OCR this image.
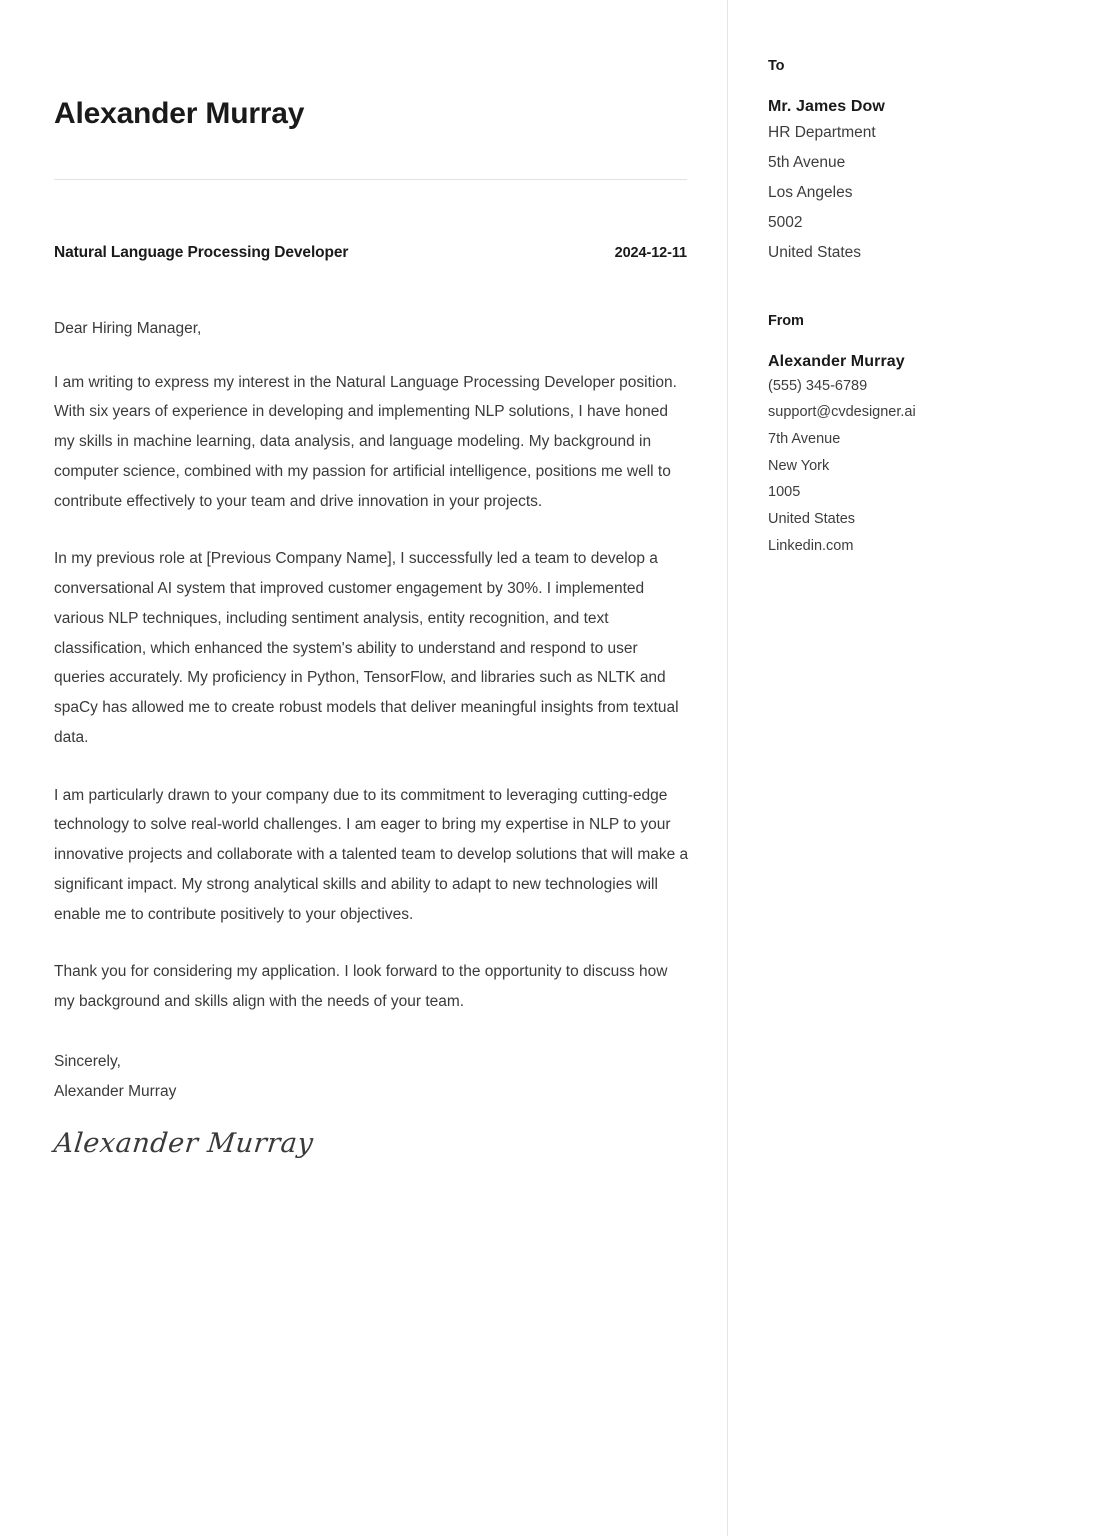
Alexander Murray
Natural Language Processing Developer	2024-12-11
Dear Hiring Manager,

I am writing to express my interest in the Natural Language Processing Developer position. With six years of experience in developing and implementing NLP solutions, I have honed my skills in machine learning, data analysis, and language modeling. My background in computer science, combined with my passion for artificial intelligence, positions me well to contribute effectively to your team and drive innovation in your projects.

In my previous role at [Previous Company Name], I successfully led a team to develop a conversational AI system that improved customer engagement by 30%. I implemented various NLP techniques, including sentiment analysis, entity recognition, and text classification, which enhanced the system's ability to understand and respond to user queries accurately. My proficiency in Python, TensorFlow, and libraries such as NLTK and spaCy has allowed me to create robust models that deliver meaningful insights from textual data.

I am particularly drawn to your company due to its commitment to leveraging cutting-edge technology to solve real-world challenges. I am eager to bring my expertise in NLP to your innovative projects and collaborate with a talented team to develop solutions that will make a significant impact. My strong analytical skills and ability to adapt to new technologies will enable me to contribute positively to your objectives.

Thank you for considering my application. I look forward to the opportunity to discuss how my background and skills align with the needs of your team.

Sincerely,
Alexander Murray
Alexander Murray
To
Mr. James Dow
HR Department
5th Avenue
Los Angeles
5002
United States
From
Alexander Murray
(555) 345-6789
support@cvdesigner.ai
7th Avenue
New York
1005
United States
Linkedin.com
